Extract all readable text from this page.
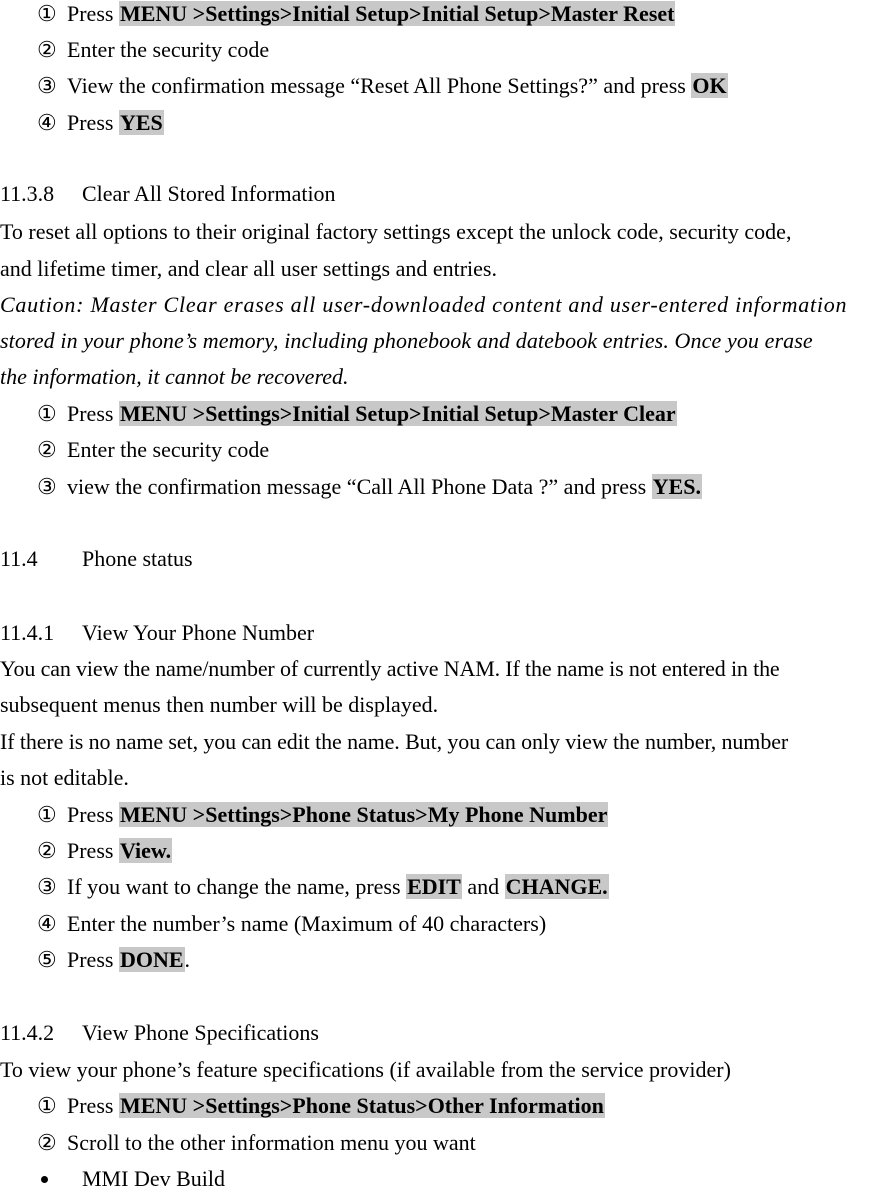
① Press MENU >Settings>Initial Setup>Initial Setup>Master Reset
② Enter the security code
③ View the confirmation message “Reset All Phone Settings?” and press OK
④ Press YES
11.3.8 Clear All Stored Information
To reset all options to their original factory settings except the unlock code, security code,
and lifetime timer, and clear all user settings and entries.
Caution: Master Clear erases all user-downloaded content and user-entered information
stored in your phone’s memory, including phonebook and datebook entries. Once you erase
the information, it cannot be recovered.
① Press MENU >Settings>Initial Setup>Initial Setup>Master Clear
② Enter the security code
③ view the confirmation message “Call All Phone Data ?” and press YES.
11.4 Phone status
11.4.1 View Your Phone Number
You can view the name/number of currently active NAM. If the name is not entered in the
subsequent menus then number will be displayed.
If there is no name set, you can edit the name. But, you can only view the number, number
is not editable.
① Press MENU >Settings>Phone Status>My Phone Number
② Press View.
③ If you want to change the name, press EDIT and CHANGE.
④ Enter the number’s name (Maximum of 40 characters)
⑤ Press DONE.
11.4.2 View Phone Specifications
To view your phone’s feature specifications (if available from the service provider)
① Press MENU >Settings>Phone Status>Other Information
② Scroll to the other information menu you want
MMI Dev Build
